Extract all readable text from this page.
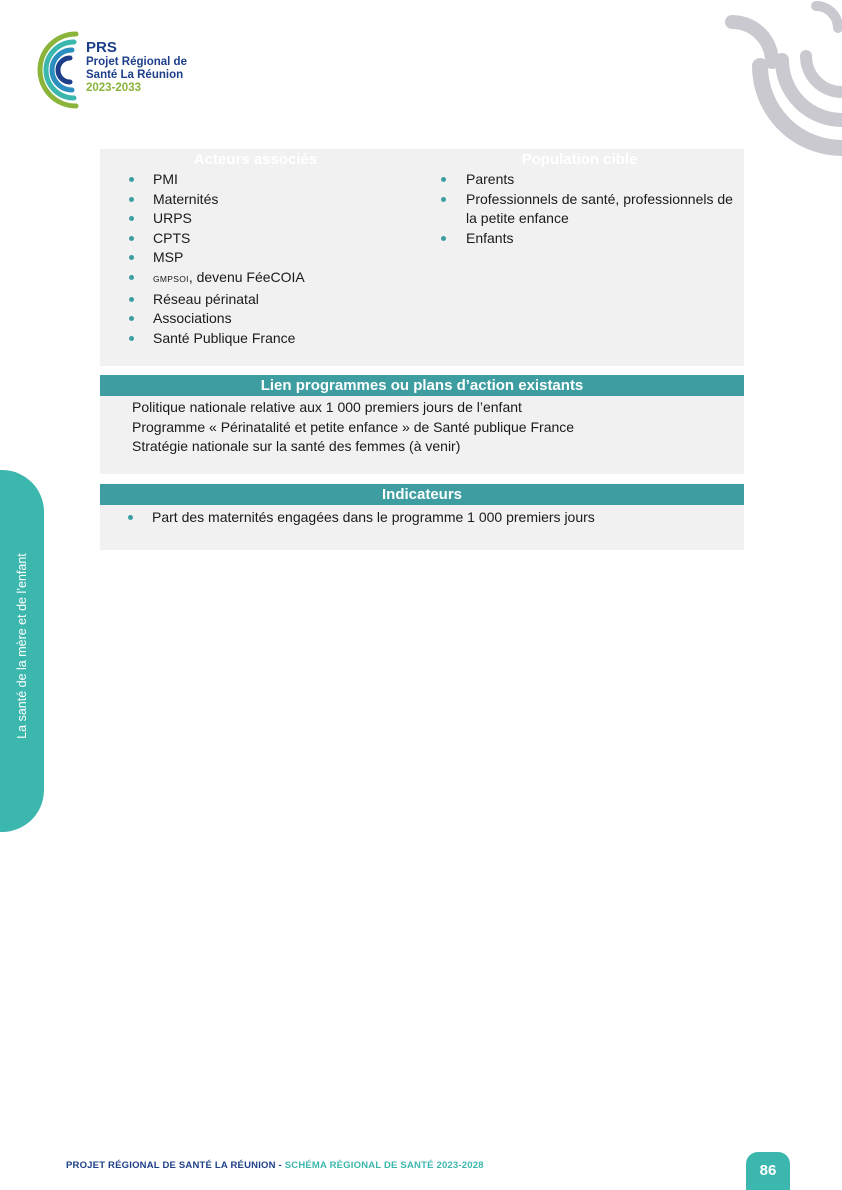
PRS
Projet Régional de
Santé La Réunion
2023-2033
La santé de la mère et de l’enfant
Acteurs associés	Population cible
PMI
Maternités
URPS
CPTS
MSP
GMPSOI, devenu FéeCOIA
Réseau périnatal
Associations
Santé Publique France
Parents
Professionnels de santé, professionnels de la petite enfance
Enfants
Lien programmes ou plans d’action existants

Politique nationale relative aux 1 000 premiers jours de l’enfant

Programme « Périnatalité et petite enfance » de Santé publique France

Stratégie nationale sur la santé des femmes (à venir)

Indicateurs
Part des maternités engagées dans le programme 1 000 premiers jours
PROJET RÉGIONAL DE SANTÉ LA RÉUNION - SCHÉMA RÉGIONAL DE SANTÉ 2023-2028	86
